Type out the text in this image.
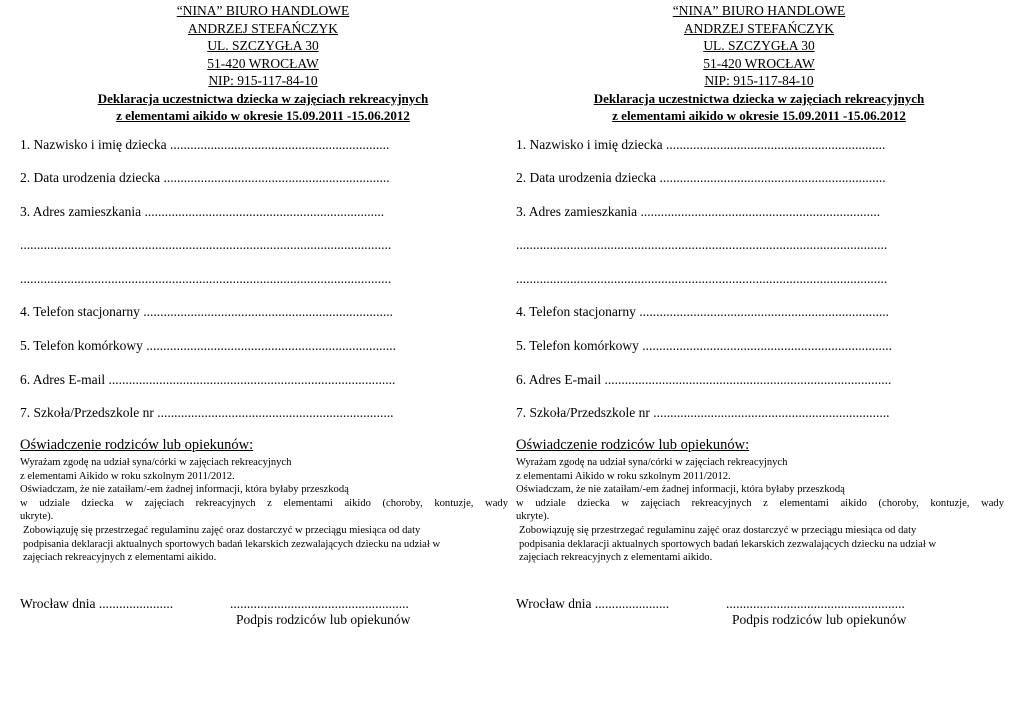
“NINA” BIURO HANDLOWE
ANDRZEJ STEFAŃCZYK
UL. SZCZYGŁA 30
51-420 WROCŁAW
NIP: 915-117-84-10
Deklaracja uczestnictwa dziecka w zajęciach rekreacyjnych
z elementami aikido w okresie 15.09.2011 -15.06.2012
1. Nazwisko i imię dziecka .................................................................
2. Data urodzenia dziecka ...................................................................
3. Adres zamieszkania .......................................................................
..............................................................................................................
..............................................................................................................
4. Telefon stacjonarny ..........................................................................
5. Telefon komórkowy ..........................................................................
6. Adres E-mail .....................................................................................
7. Szkoła/Przedszkole nr ......................................................................
Oświadczenie rodziców lub opiekunów:
Wyrażam zgodę na udział syna/córki w zajęciach rekreacyjnych
z elementami Aikido w roku szkolnym 2011/2012.
Oświadczam, że nie zataiłam/-em żadnej informacji, która byłaby przeszkodą
w udziale dziecka w zajęciach rekreacyjnych z elementami aikido (choroby, kontuzje, wady
ukryte).
Zobowiązuję się przestrzegać regulaminu zajęć oraz dostarczyć w przeciągu miesiąca od daty
podpisania deklaracji aktualnych sportowych badań lekarskich zezwalających dziecku na udział w
zajęciach rekreacyjnych z elementami aikido.
Wrocław dnia ......................	.....................................................
Podpis rodziców lub opiekunów
“NINA” BIURO HANDLOWE
ANDRZEJ STEFAŃCZYK
UL. SZCZYGŁA 30
51-420 WROCŁAW
NIP: 915-117-84-10
Deklaracja uczestnictwa dziecka w zajęciach rekreacyjnych
z elementami aikido w okresie 15.09.2011 -15.06.2012
1. Nazwisko i imię dziecka .................................................................
2. Data urodzenia dziecka ...................................................................
3. Adres zamieszkania .......................................................................
..............................................................................................................
..............................................................................................................
4. Telefon stacjonarny ..........................................................................
5. Telefon komórkowy ..........................................................................
6. Adres E-mail .....................................................................................
7. Szkoła/Przedszkole nr ......................................................................
Oświadczenie rodziców lub opiekunów:
Wyrażam zgodę na udział syna/córki w zajęciach rekreacyjnych
z elementami Aikido w roku szkolnym 2011/2012.
Oświadczam, że nie zataiłam/-em żadnej informacji, która byłaby przeszkodą
w udziale dziecka w zajęciach rekreacyjnych z elementami aikido (choroby, kontuzje, wady
ukryte).
Zobowiązuję się przestrzegać regulaminu zajęć oraz dostarczyć w przeciągu miesiąca od daty
podpisania deklaracji aktualnych sportowych badań lekarskich zezwalających dziecku na udział w
zajęciach rekreacyjnych z elementami aikido.
Wrocław dnia ......................	.....................................................
Podpis rodziców lub opiekunów
